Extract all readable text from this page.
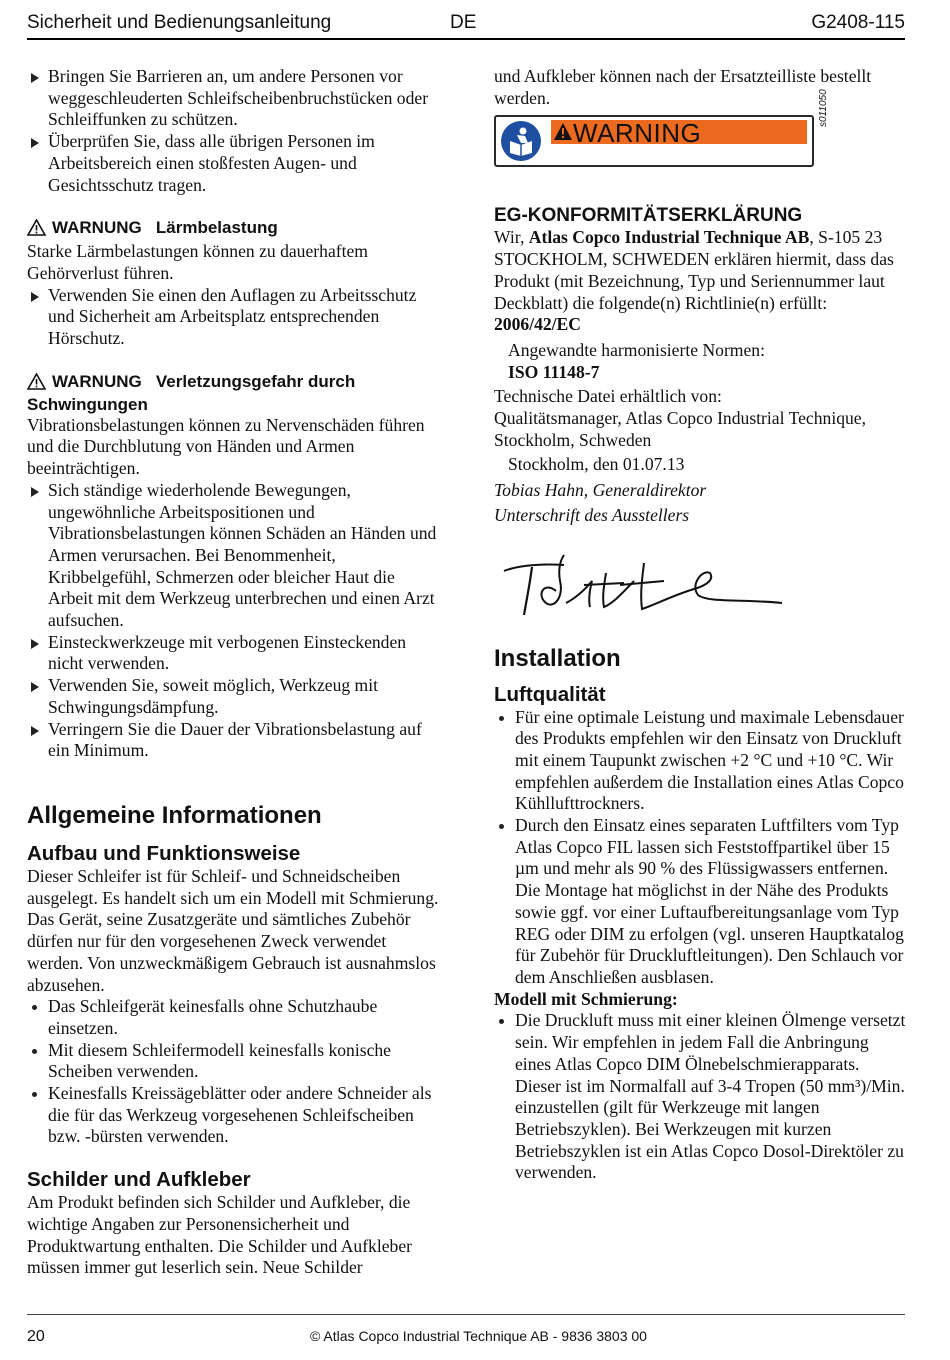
Sicherheit und Bedienungsanleitung	DE	G2408-115
Bringen Sie Barrieren an, um andere Personen vor weggeschleuderten Schleifscheibenbruchstücken oder Schleiffunken zu schützen.
Überprüfen Sie, dass alle übrigen Personen im Arbeitsbereich einen stoßfesten Augen- und Gesichtsschutz tragen.

WARNUNG Lärmbelastung

Starke Lärmbelastungen können zu dauerhaftem Gehörverlust führen.

Verwenden Sie einen den Auflagen zu Arbeitsschutz und Sicherheit am Arbeitsplatz entsprechenden Hörschutz.

WARNUNG Verletzungsgefahr durch Schwingungen

Vibrationsbelastungen können zu Nervenschäden führen und die Durchblutung von Händen und Armen beeinträchtigen.

Sich ständige wiederholende Bewegungen, ungewöhnliche Arbeitspositionen und Vibrationsbelastungen können Schäden an Händen und Armen verursachen. Bei Benommenheit, Kribbelgefühl, Schmerzen oder bleicher Haut die Arbeit mit dem Werkzeug unterbrechen und einen Arzt aufsuchen.
Einsteckwerkzeuge mit verbogenen Einsteckenden nicht verwenden.
Verwenden Sie, soweit möglich, Werkzeug mit Schwingungsdämpfung.
Verringern Sie die Dauer der Vibrationsbelastung auf ein Minimum.

Allgemeine Informationen

Aufbau und Funktionsweise

Dieser Schleifer ist für Schleif- und Schneidscheiben ausgelegt. Es handelt sich um ein Modell mit Schmierung. Das Gerät, seine Zusatzgeräte und sämtliches Zubehör dürfen nur für den vorgesehenen Zweck verwendet werden. Von unzweckmäßigem Gebrauch ist ausnahmslos abzusehen.

Das Schleifgerät keinesfalls ohne Schutzhaube einsetzen.
Mit diesem Schleifermodell keinesfalls konische Scheiben verwenden.
Keinesfalls Kreissägeblätter oder andere Schneider als die für das Werkzeug vorgesehenen Schleifscheiben bzw. -bürsten verwenden.

Schilder und Aufkleber

Am Produkt befinden sich Schilder und Aufkleber, die wichtige Angaben zur Personensicherheit und Produktwartung enthalten. Die Schilder und Aufkleber müssen immer gut leserlich sein. Neue Schilder

und Aufkleber können nach der Ersatzteilliste bestellt werden.

WARNING
s011050

EG-KONFORMITÄTSERKLÄRUNG

Wir, Atlas Copco Industrial Technique AB, S-105 23 STOCKHOLM, SCHWEDEN erklären hiermit, dass das Produkt (mit Bezeichnung, Typ und Seriennummer laut Deckblatt) die folgende(n) Richtlinie(n) erfüllt:

2006/42/EC

Angewandte harmonisierte Normen:

ISO 11148-7

Technische Datei erhältlich von:

Qualitätsmanager, Atlas Copco Industrial Technique, Stockholm, Schweden

Stockholm, den 01.07.13

Tobias Hahn, Generaldirektor

Unterschrift des Ausstellers

Installation

Luftqualität

Für eine optimale Leistung und maximale Lebensdauer des Produkts empfehlen wir den Einsatz von Druckluft mit einem Taupunkt zwischen +2 °C und +10 °C. Wir empfehlen außerdem die Installation eines Atlas Copco Kühllufttrockners.
Durch den Einsatz eines separaten Luftfilters vom Typ Atlas Copco FIL lassen sich Feststoffpartikel über 15 µm und mehr als 90 % des Flüssigwassers entfernen. Die Montage hat möglichst in der Nähe des Produkts sowie ggf. vor einer Luftaufbereitungsanlage vom Typ REG oder DIM zu erfolgen (vgl. unseren Hauptkatalog für Zubehör für Druckluftleitungen). Den Schlauch vor dem Anschließen ausblasen.

Modell mit Schmierung:

Die Druckluft muss mit einer kleinen Ölmenge versetzt sein. Wir empfehlen in jedem Fall die Anbringung eines Atlas Copco DIM Ölnebelschmierapparats. Dieser ist im Normalfall auf 3-4 Tropen (50 mm³)/Min. einzustellen (gilt für Werkzeuge mit langen Betriebszyklen). Bei Werkzeugen mit kurzen Betriebszyklen ist ein Atlas Copco Dosol-Direktöler zu verwenden.
20	© Atlas Copco Industrial Technique AB - 9836 3803 00
